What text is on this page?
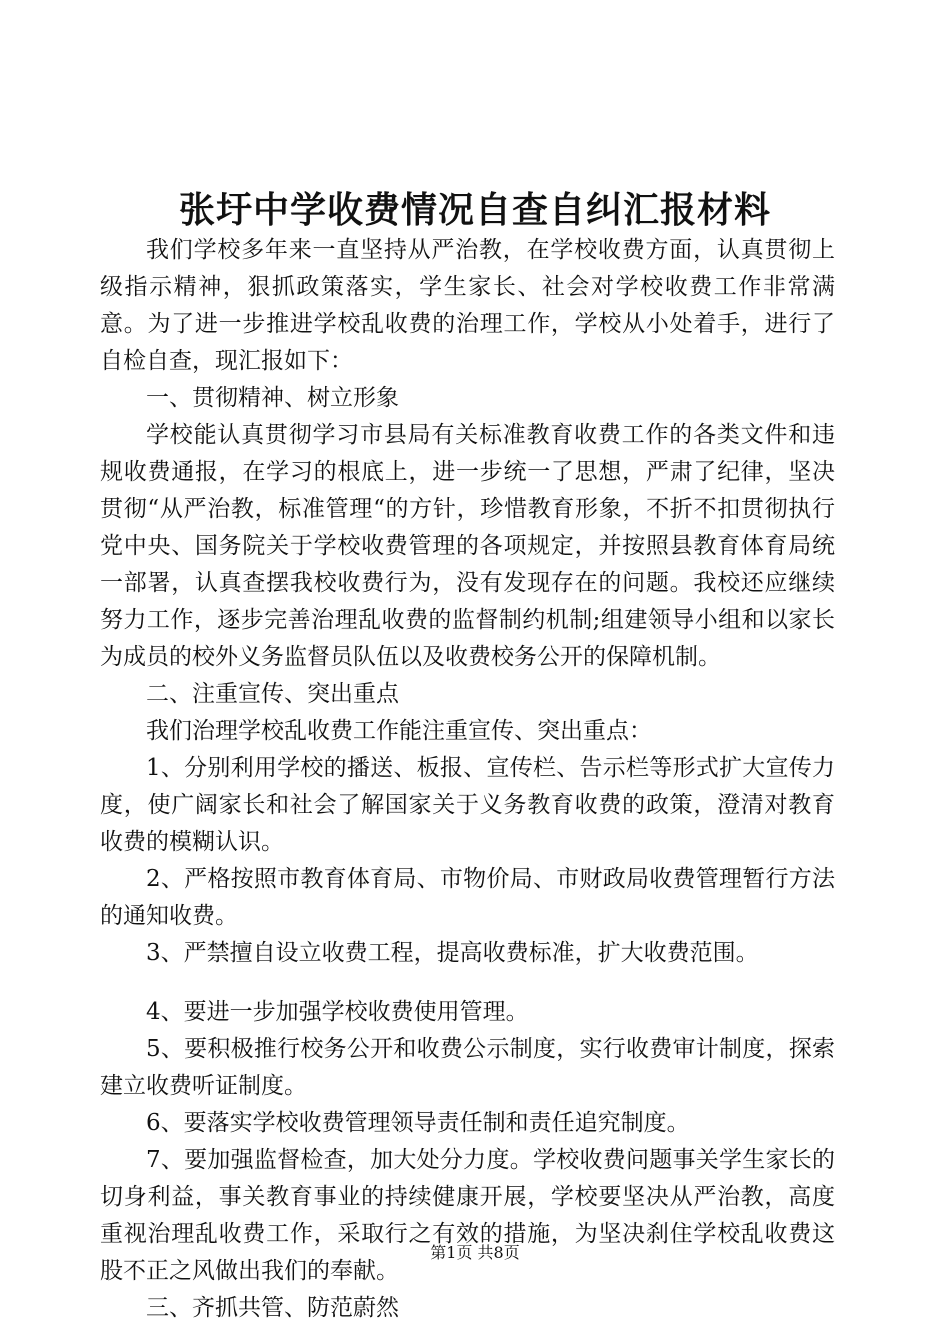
张圩中学收费情况自查自纠汇报材料

我们学校多年来一直坚持从严治教，在学校收费方面，认真贯彻上级指示精神，狠抓政策落实，学生家长、社会对学校收费工作非常满意。为了进一步推进学校乱收费的治理工作，学校从小处着手，进行了自检自查，现汇报如下：

一、贯彻精神、树立形象

学校能认真贯彻学习市县局有关标准教育收费工作的各类文件和违规收费通报，在学习的根底上，进一步统一了思想，严肃了纪律，坚决贯彻“从严治教，标准管理“的方针，珍惜教育形象，不折不扣贯彻执行党中央、国务院关于学校收费管理的各项规定，并按照县教育体育局统一部署，认真查摆我校收费行为，没有发现存在的问题。我校还应继续努力工作，逐步完善治理乱收费的监督制约机制;组建领导小组和以家长为成员的校外义务监督员队伍以及收费校务公开的保障机制。

二、注重宣传、突出重点

我们治理学校乱收费工作能注重宣传、突出重点：

1、分别利用学校的播送、板报、宣传栏、告示栏等形式扩大宣传力度，使广阔家长和社会了解国家关于义务教育收费的政策，澄清对教育收费的模糊认识。

2、严格按照市教育体育局、市物价局、市财政局收费管理暂行方法的通知收费。

3、严禁擅自设立收费工程，提高收费标准，扩大收费范围。

4、要进一步加强学校收费使用管理。

5、要积极推行校务公开和收费公示制度，实行收费审计制度，探索建立收费听证制度。

6、要落实学校收费管理领导责任制和责任追究制度。

7、要加强监督检查，加大处分力度。学校收费问题事关学生家长的切身利益，事关教育事业的持续健康开展，学校要坚决从严治教，高度重视治理乱收费工作，采取行之有效的措施，为坚决刹住学校乱收费这股不正之风做出我们的奉献。

三、齐抓共管、防范蔚然

第1页 共8页
